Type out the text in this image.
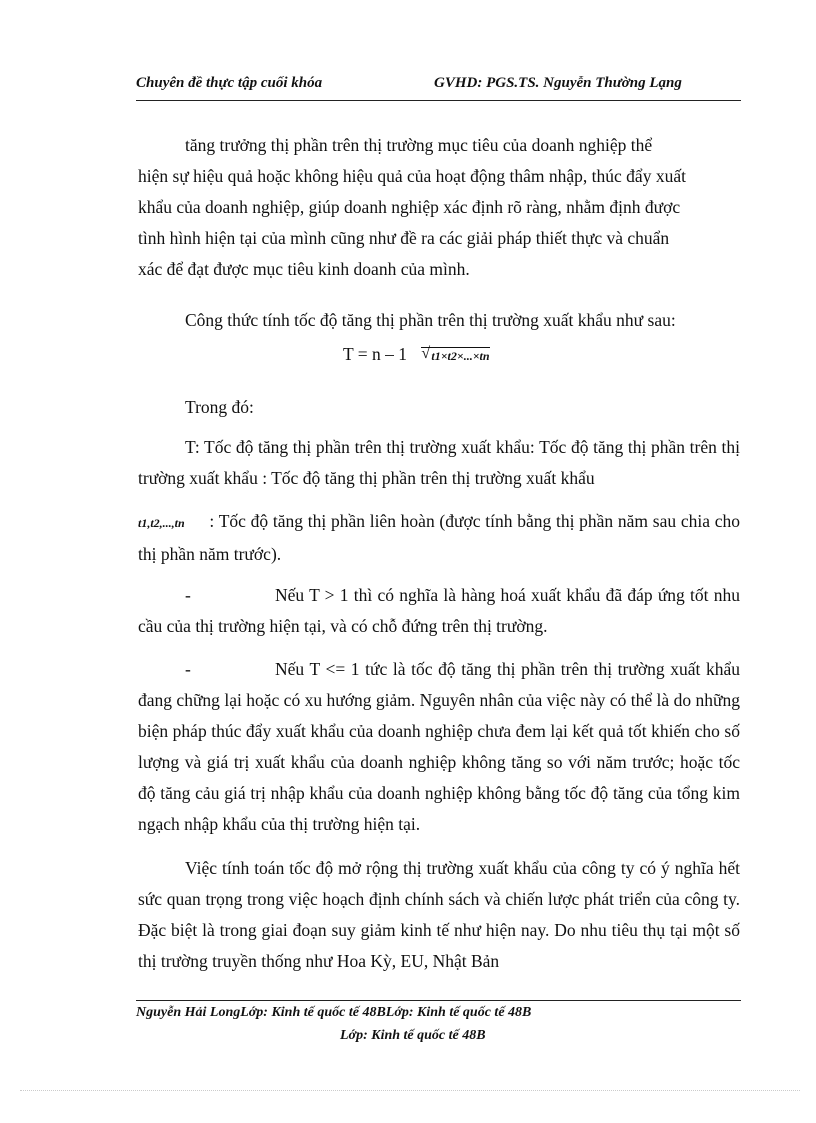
Chuyên đề thực tập cuối khóa	GVHD: PGS.TS. Nguyễn Thường Lạng
tăng trưởng thị phần trên thị trường mục tiêu của doanh nghiệp thể
hiện sự hiệu quả hoặc không hiệu quả của hoạt động thâm nhập, thúc đẩy xuất
khẩu của doanh nghiệp, giúp doanh nghiệp xác định rõ ràng, nhằm định được
tình hình hiện tại của mình cũng như đề ra các giải pháp thiết thực và chuẩn
xác để đạt được mục tiêu kinh doanh của mình.
Công thức tính tốc độ tăng thị phần trên thị trường xuất khẩu như sau:
T = n – 1 √ t1×t2×...×tn
Trong đó:
T: Tốc độ tăng thị phần trên thị trường xuất khẩu: Tốc độ tăng thị phần trên thị trường xuất khẩu : Tốc độ tăng thị phần trên thị trường xuất khẩu
t1,t2,...,tn : Tốc độ tăng thị phần liên hoàn (được tính bằng thị phần năm sau chia cho thị phần năm trước).
-	Nếu T > 1 thì có nghĩa là hàng hoá xuất khẩu đã đáp ứng tốt nhu cầu của thị trường hiện tại, và có chỗ đứng trên thị trường.
-	Nếu T <= 1 tức là tốc độ tăng thị phần trên thị trường xuất khẩu đang chững lại hoặc có xu hướng giảm. Nguyên nhân của việc này có thể là do những biện pháp thúc đẩy xuất khẩu của doanh nghiệp chưa đem lại kết quả tốt khiến cho số lượng và giá trị xuất khẩu của doanh nghiệp không tăng so với năm trước; hoặc tốc độ tăng cảu giá trị nhập khẩu của doanh nghiệp không bằng tốc độ tăng của tổng kim ngạch nhập khẩu của thị trường hiện tại.
Việc tính toán tốc độ mở rộng thị trường xuất khẩu của công ty có ý nghĩa hết sức quan trọng trong việc hoạch định chính sách và chiến lược phát triển của công ty. Đặc biệt là trong giai đoạn suy giảm kinh tế như hiện nay. Do nhu tiêu thụ tại một số thị trường truyền thống như Hoa Kỳ, EU, Nhật Bản
Nguyễn Hải LongLớp: Kinh tế quốc tế 48BLớp: Kinh tế quốc tế 48B
Lớp: Kinh tế quốc tế 48B
